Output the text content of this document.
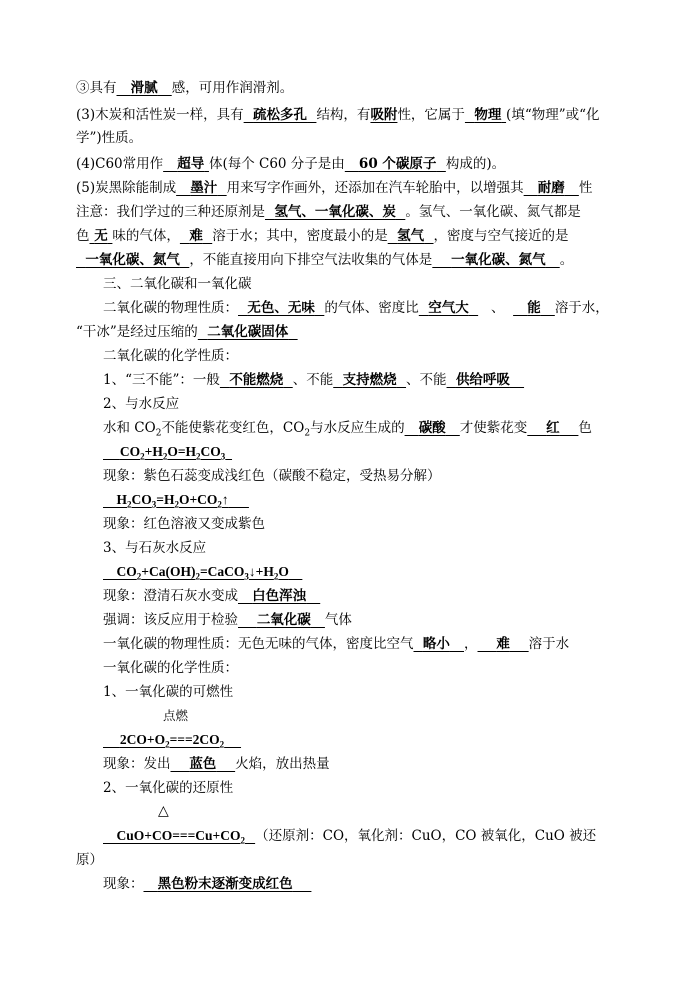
③具有 滑腻 感，可用作润滑剂。
(3)木炭和活性炭一样，具有 疏松多孔 结构，有吸附性，它属于 物理 (填“物理”或“化
学”)性质。
(4)C60常用作 超导 体(每个 C60 分子是由 60 个碳原子 构成的)。
(5)炭黑除能制成 墨汁 用来写字作画外，还添加在汽车轮胎中，以增强其 耐磨 性
注意：我们学过的三种还原剂是 氢气、一氧化碳、炭 。氢气、一氧化碳、氮气都是
色 无 味的气体， 难 溶于水；其中，密度最小的是 氢气 ，密度与空气接近的是
一氧化碳、氮气 ，不能直接用向下排空气法收集的气体是 一氧化碳、氮气 。
三、二氧化碳和一氧化碳
二氧化碳的物理性质： 无色、无味 的气体、密度比 空气大 、 能 溶于水，
“干冰”是经过压缩的 二氧化碳固体
二氧化碳的化学性质：
1、“三不能”：一般 不能燃烧 、不能 支持燃烧 、不能 供给呼吸
2、与水反应
水和 $CO_2$不能使紫花变红色，$CO_2$与水反应生成的 碳酸 才使紫花变 红 色
$CO_2+H_2O=H_2CO_3$
现象：紫色石蕊变成浅红色（碳酸不稳定，受热易分解）
$H_2CO_3=H_2O+CO_2↑$
现象：红色溶液又变成紫色
3、与石灰水反应
$CO_2+Ca(OH)_2=CaCO_3↓+H_2O$
现象：澄清石灰水变成 白色浑浊
强调：该反应用于检验 二氧化碳 气体
一氧化碳的物理性质：无色无味的气体，密度比空气 略小 ， 难 溶于水
一氧化碳的化学性质：
1、一氧化碳的可燃性
点燃
$2CO+O_2===2CO_2$
现象：发出 蓝色 火焰，放出热量
2、一氧化碳的还原性
△
$CuO+CO===Cu+CO_2$ （还原剂：CO，氧化剂：CuO，CO 被氧化，CuO 被还
原）
现象： 黑色粉末逐渐变成红色
